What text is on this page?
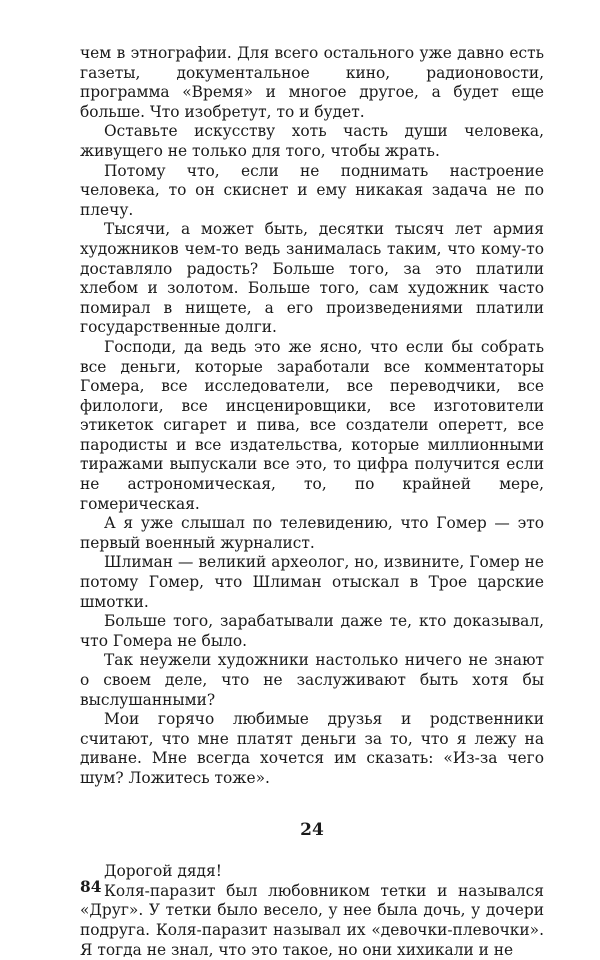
чем в этнографии. Для всего остального уже давно есть газеты, документальное кино, радионовости, программа «Время» и многое другое, а будет еще больше. Что изобретут, то и будет.

Оставьте искусству хоть часть души человека, живущего не только для того, чтобы жрать.

Потому что, если не поднимать настроение человека, то он скиснет и ему никакая задача не по плечу.

Тысячи, а может быть, десятки тысяч лет армия художников чем-то ведь занималась таким, что кому-то доставляло радость? Больше того, за это платили хлебом и золотом. Больше того, сам художник часто помирал в нищете, а его произведениями платили государственные долги.

Господи, да ведь это же ясно, что если бы собрать все деньги, которые заработали все комментаторы Гомера, все исследователи, все переводчики, все филологи, все инсценировщики, все изготовители этикеток сигарет и пива, все создатели оперетт, все пародисты и все издательства, которые миллионными тиражами выпускали все это, то цифра получится если не астрономическая, то, по крайней мере, гомерическая.

А я уже слышал по телевидению, что Гомер — это первый военный журналист.

Шлиман — великий археолог, но, извините, Гомер не потому Гомер, что Шлиман отыскал в Трое царские шмотки.

Больше того, зарабатывали даже те, кто доказывал, что Гомера не было.

Так неужели художники настолько ничего не знают о своем деле, что не заслуживают быть хотя бы выслушанными?

Мои горячо любимые друзья и родственники считают, что мне платят деньги за то, что я лежу на диване. Мне всегда хочется им сказать: «Из-за чего шум? Ложитесь тоже».

24

Дорогой дядя!

Коля-паразит был любовником тетки и назывался «Друг». У тетки было весело, у нее была дочь, у дочери подруга. Коля-паразит называл их «девочки-плевочки». Я тогда не знал, что это такое, но они хихикали и не

84
